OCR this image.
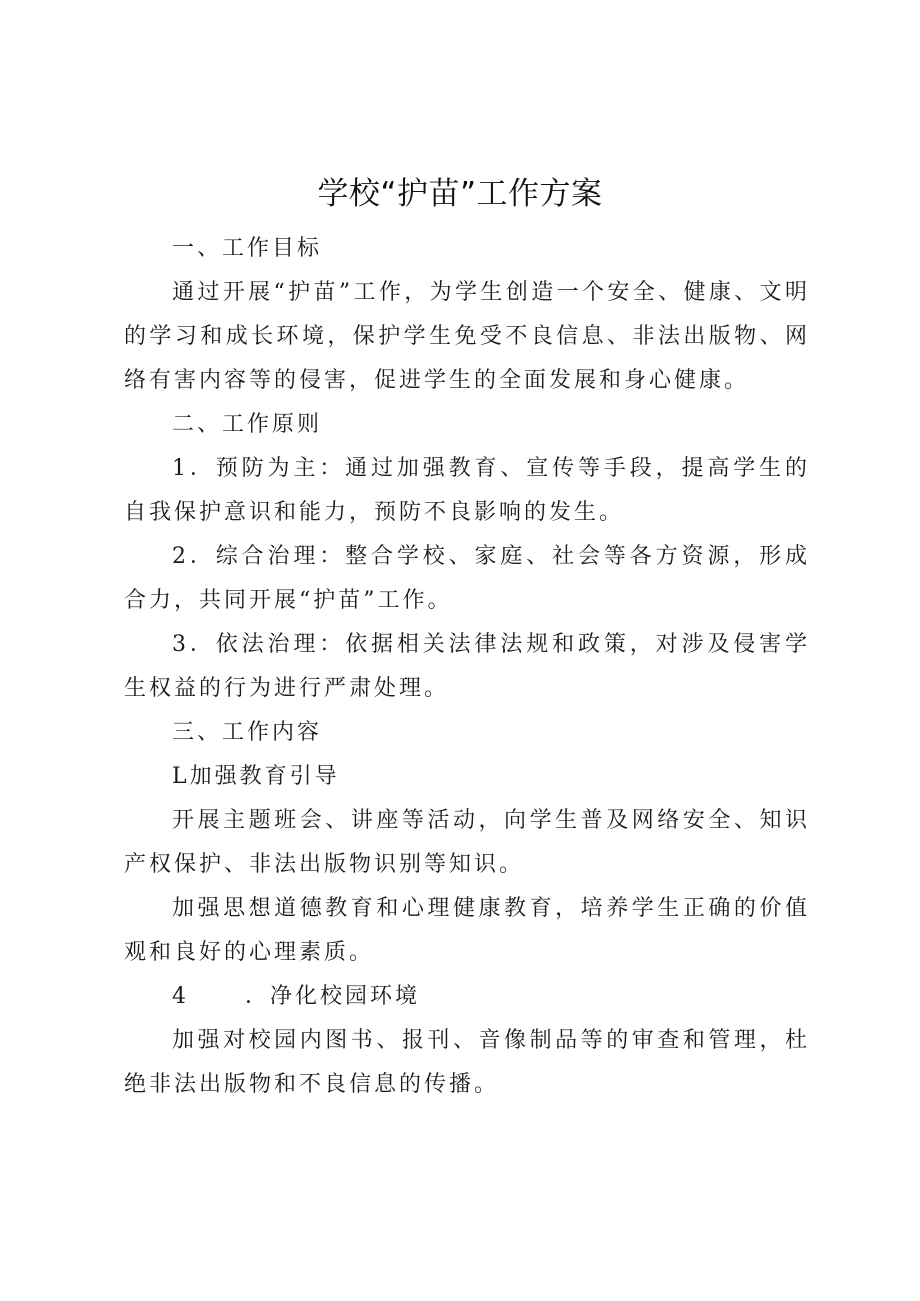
学校“护苗”工作方案

一、工作目标

通过开展“护苗”工作，为学生创造一个安全、健康、文明的学习和成长环境，保护学生免受不良信息、非法出版物、网络有害内容等的侵害，促进学生的全面发展和身心健康。

二、工作原则

1．预防为主：通过加强教育、宣传等手段，提高学生的自我保护意识和能力，预防不良影响的发生。

2．综合治理：整合学校、家庭、社会等各方资源，形成合力，共同开展“护苗”工作。

3．依法治理：依据相关法律法规和政策，对涉及侵害学生权益的行为进行严肃处理。

三、工作内容

L加强教育引导

开展主题班会、讲座等活动，向学生普及网络安全、知识产权保护、非法出版物识别等知识。

加强思想道德教育和心理健康教育，培养学生正确的价值观和良好的心理素质。

4	．净化校园环境

加强对校园内图书、报刊、音像制品等的审查和管理，杜绝非法出版物和不良信息的传播。
